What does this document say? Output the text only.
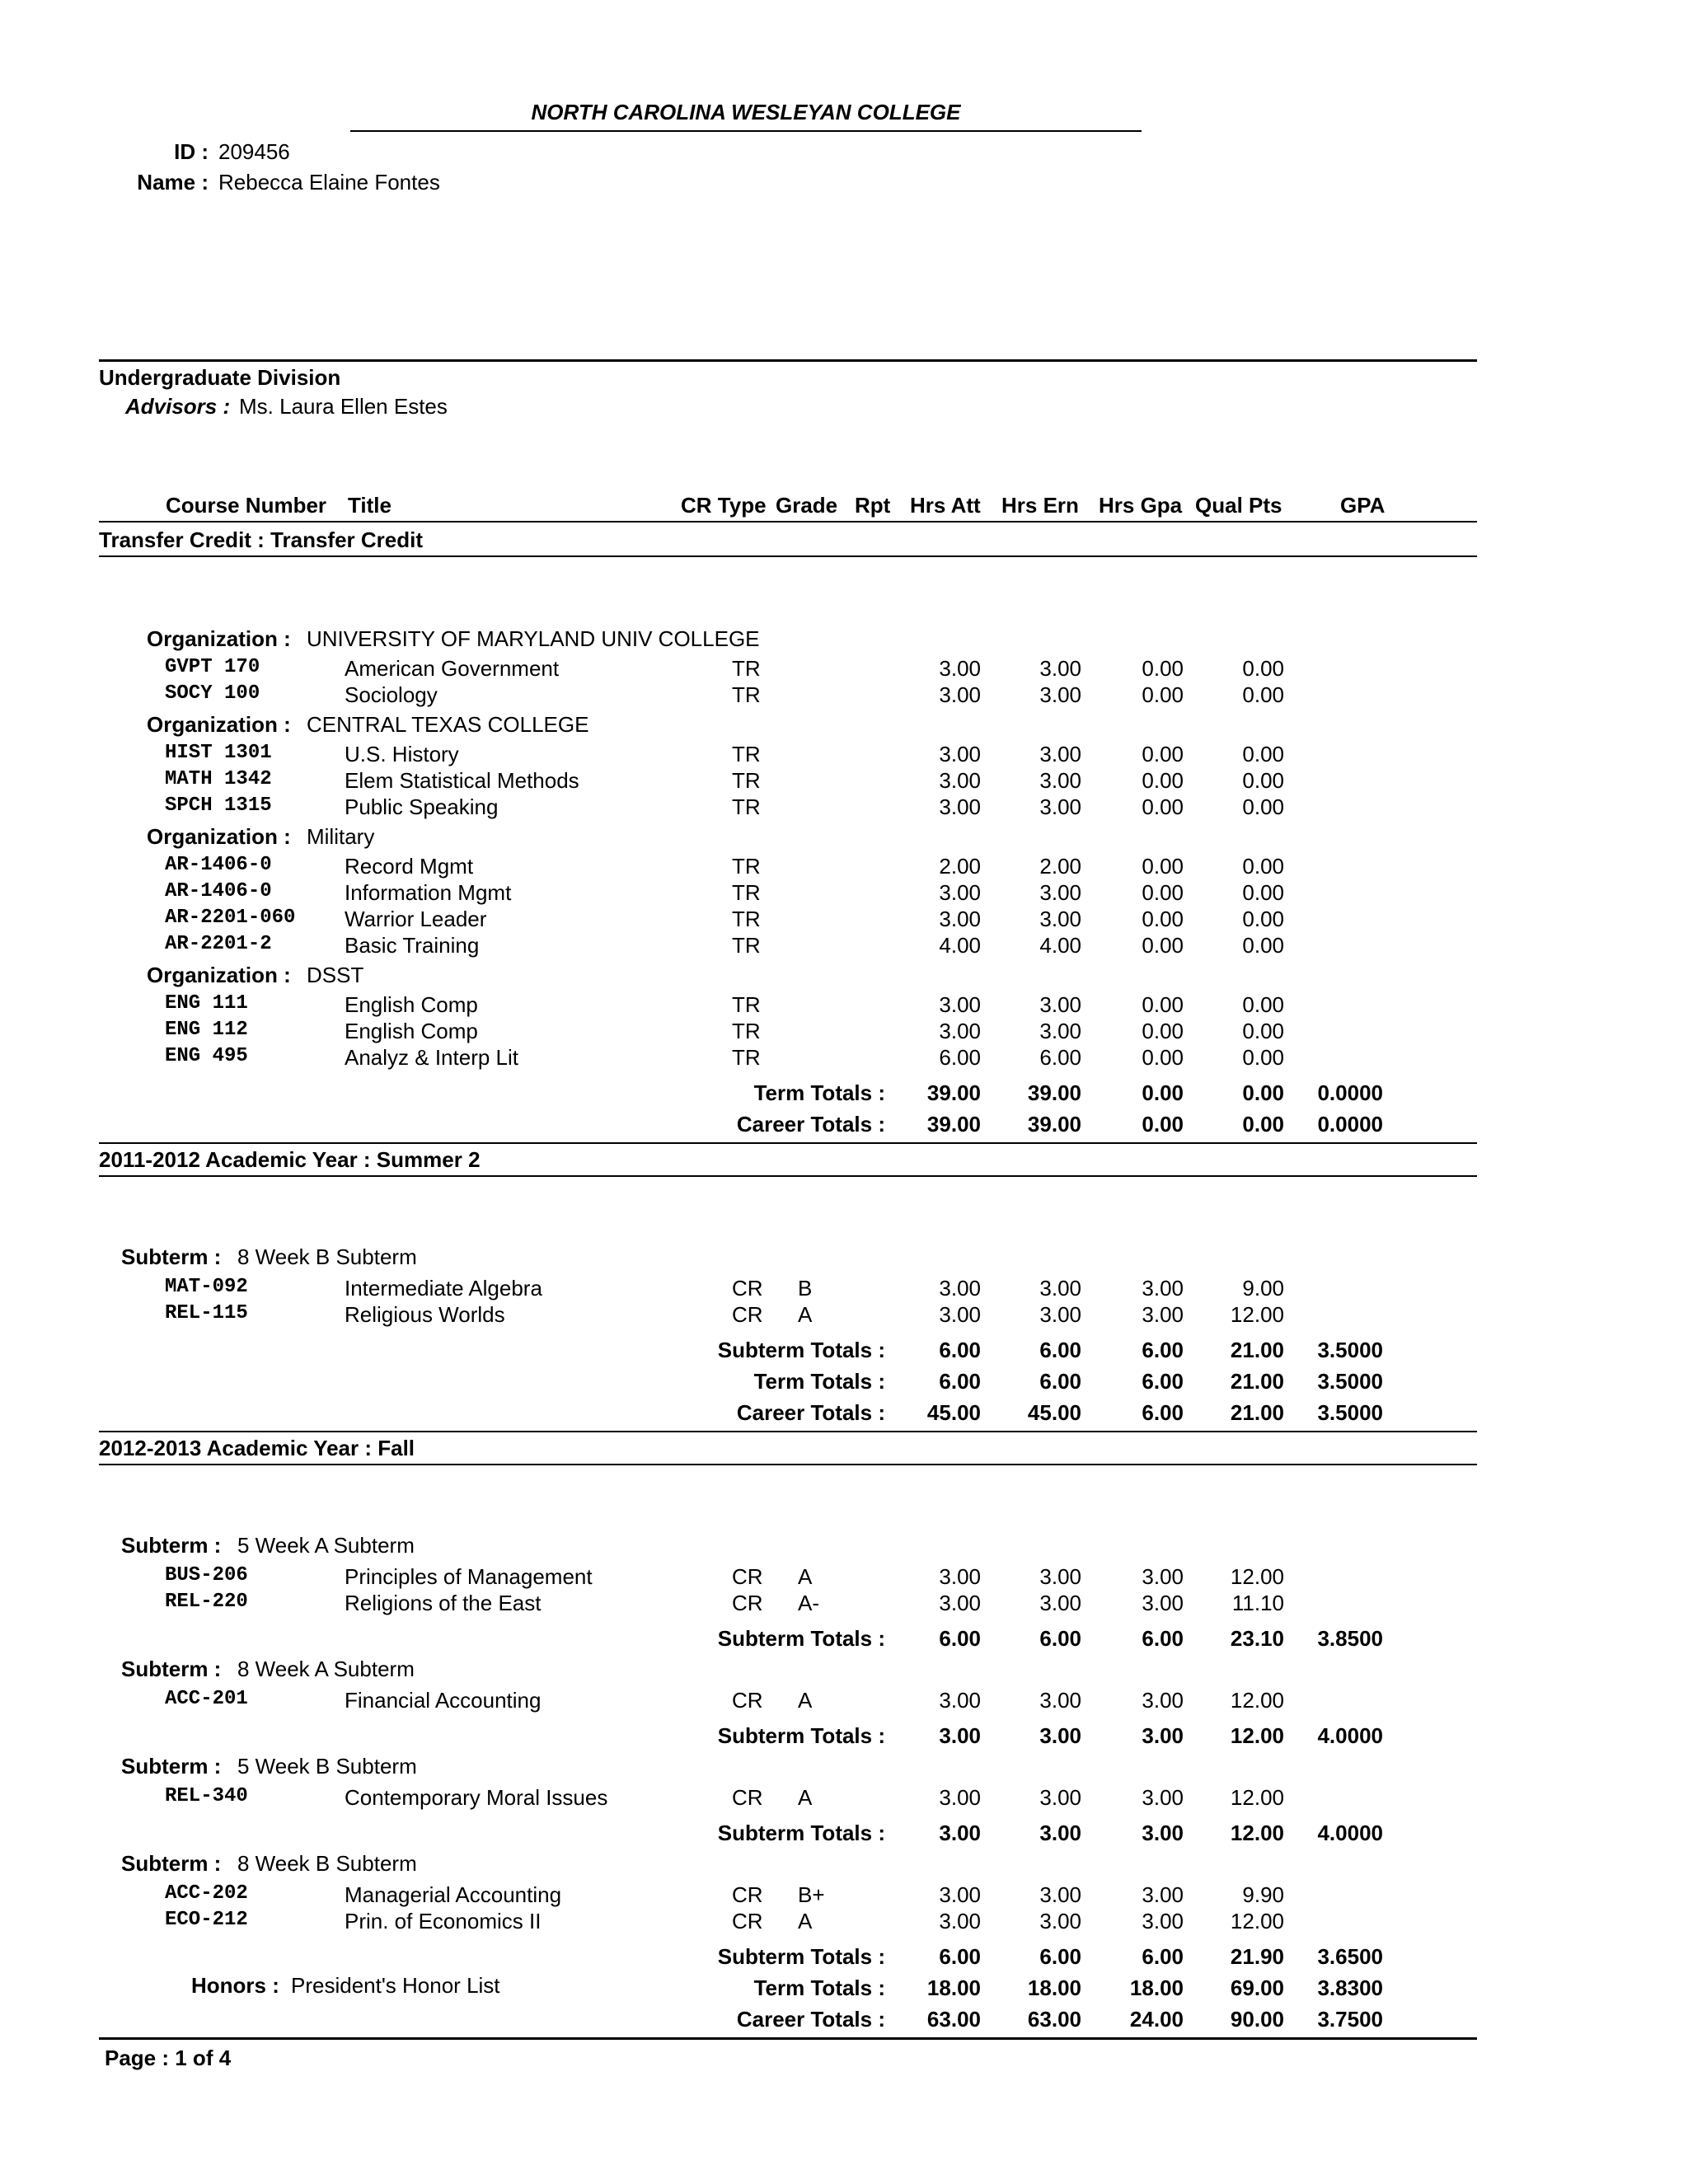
NORTH CAROLINA WESLEYAN COLLEGE
ID : 209456
Name : Rebecca Elaine Fontes
Undergraduate Division
Advisors : Ms. Laura Ellen Estes
Course Number Title	CR Type Grade Rpt Hrs Att Hrs Ern Hrs Gpa Qual Pts	GPA
Transfer Credit : Transfer Credit
Organization : UNIVERSITY OF MARYLAND UNIV COLLEGE
GVPT 170	American Government	TR	3.00	3.00	0.00	0.00
SOCY 100	Sociology	TR	3.00	3.00	0.00	0.00
Organization : CENTRAL TEXAS COLLEGE
HIST 1301	U.S. History	TR	3.00	3.00	0.00	0.00
MATH 1342	Elem Statistical Methods	TR	3.00	3.00	0.00	0.00
SPCH 1315	Public Speaking	TR	3.00	3.00	0.00	0.00
Organization : Military
AR-1406-0	Record Mgmt	TR	2.00	2.00	0.00	0.00
AR-1406-0	Information Mgmt	TR	3.00	3.00	0.00	0.00
AR-2201-060 Warrior Leader	TR	3.00	3.00	0.00	0.00
AR-2201-2	Basic Training	TR	4.00	4.00	0.00	0.00
Organization : DSST
ENG 111	English Comp	TR	3.00	3.00	0.00	0.00
ENG 112	English Comp	TR	3.00	3.00	0.00	0.00
ENG 495	Analyz & Interp Lit	TR	6.00	6.00	0.00	0.00
Term Totals : 39.00 39.00	0.00	0.00 0.0000
Career Totals : 39.00 39.00	0.00	0.00 0.0000
2011-2012 Academic Year : Summer 2
Subterm : 8 Week B Subterm
MAT-092	Intermediate Algebra	CR B	3.00	3.00	3.00	9.00
REL-115	Religious Worlds	CR A	3.00	3.00	3.00 12.00
Subterm Totals :	6.00	6.00	6.00 21.00 3.5000
Term Totals :	6.00	6.00	6.00 21.00 3.5000
Career Totals : 45.00 45.00	6.00 21.00 3.5000
2012-2013 Academic Year : Fall
Subterm : 5 Week A Subterm
BUS-206	Principles of Management	CR A	3.00	3.00	3.00 12.00
REL-220	Religions of the East	CR A-	3.00	3.00	3.00 11.10
Subterm Totals :	6.00	6.00	6.00 23.10 3.8500
Subterm : 8 Week A Subterm
ACC-201	Financial Accounting	CR A	3.00	3.00	3.00 12.00
Subterm Totals :	3.00	3.00	3.00 12.00 4.0000
Subterm : 5 Week B Subterm
REL-340	Contemporary Moral Issues	CR A	3.00	3.00	3.00 12.00
Subterm Totals :	3.00	3.00	3.00 12.00 4.0000
Subterm : 8 Week B Subterm
ACC-202	Managerial Accounting	CR B+	3.00	3.00	3.00	9.90
ECO-212	Prin. of Economics II	CR A	3.00	3.00	3.00 12.00
Subterm Totals :	6.00	6.00	6.00 21.90 3.6500
Honors : President's Honor List	Term Totals : 18.00 18.00 18.00 69.00 3.8300
Career Totals : 63.00 63.00 24.00 90.00 3.7500
Page : 1 of 4
